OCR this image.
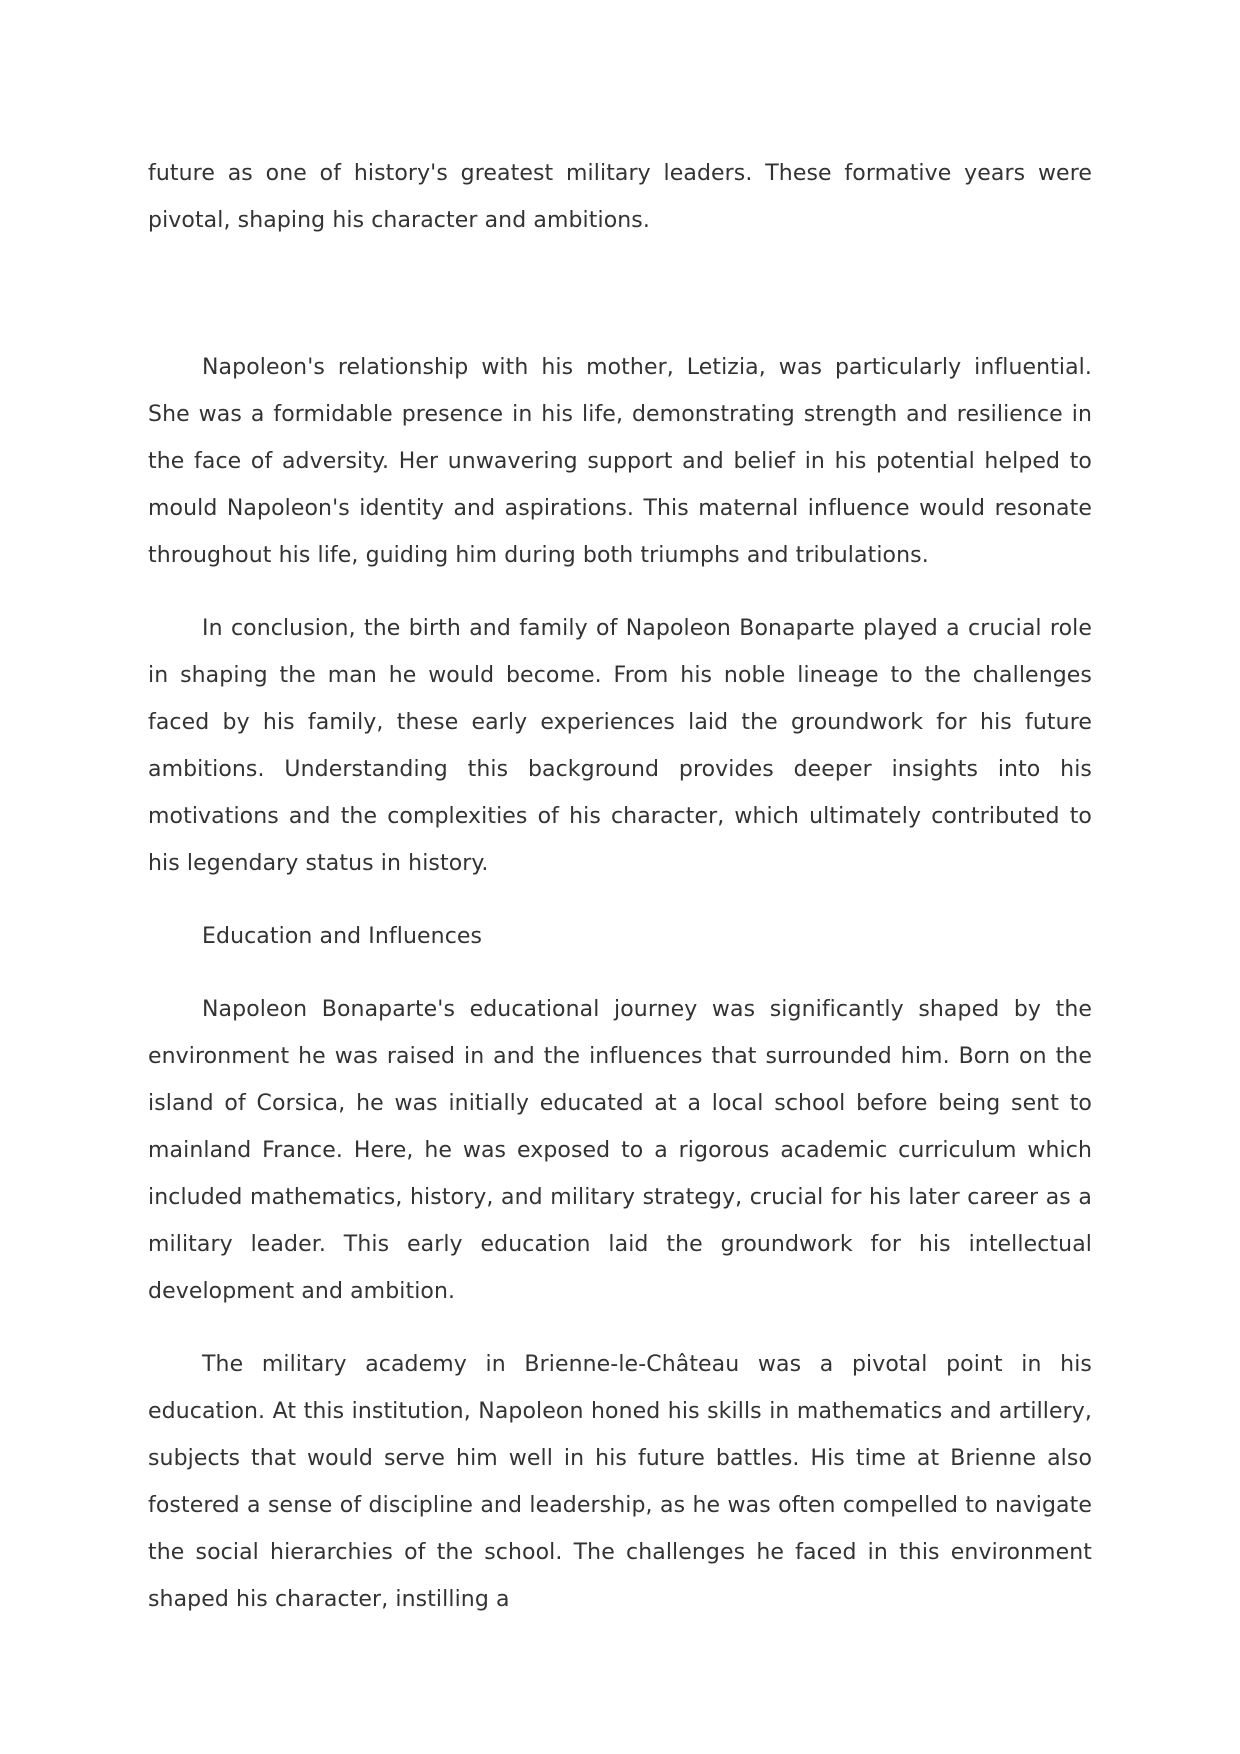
future as one of history's greatest military leaders. These formative years were pivotal, shaping his character and ambitions.

Napoleon's relationship with his mother, Letizia, was particularly influential. She was a formidable presence in his life, demonstrating strength and resilience in the face of adversity. Her unwavering support and belief in his potential helped to mould Napoleon's identity and aspirations. This maternal influence would resonate throughout his life, guiding him during both triumphs and tribulations.

In conclusion, the birth and family of Napoleon Bonaparte played a crucial role in shaping the man he would become. From his noble lineage to the challenges faced by his family, these early experiences laid the groundwork for his future ambitions. Understanding this background provides deeper insights into his motivations and the complexities of his character, which ultimately contributed to his legendary status in history.

Education and Influences

Napoleon Bonaparte's educational journey was significantly shaped by the environment he was raised in and the influences that surrounded him. Born on the island of Corsica, he was initially educated at a local school before being sent to mainland France. Here, he was exposed to a rigorous academic curriculum which included mathematics, history, and military strategy, crucial for his later career as a military leader. This early education laid the groundwork for his intellectual development and ambition.

The military academy in Brienne-le-Château was a pivotal point in his education. At this institution, Napoleon honed his skills in mathematics and artillery, subjects that would serve him well in his future battles. His time at Brienne also fostered a sense of discipline and leadership, as he was often compelled to navigate the social hierarchies of the school. The challenges he faced in this environment shaped his character, instilling a
